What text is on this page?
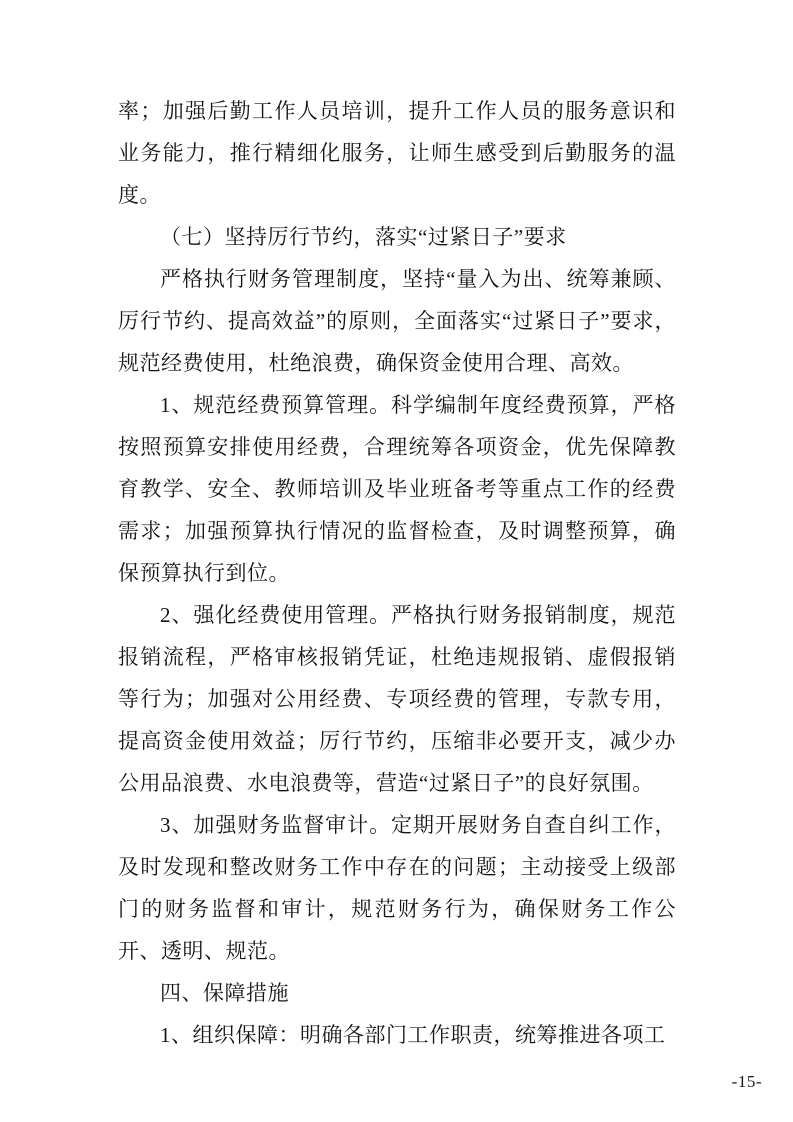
率；加强后勤工作人员培训，提升工作人员的服务意识和业务能力，推行精细化服务，让师生感受到后勤服务的温度。

（七）坚持厉行节约，落实“过紧日子”要求

严格执行财务管理制度，坚持“量入为出、统筹兼顾、厉行节约、提高效益”的原则，全面落实“过紧日子”要求，规范经费使用，杜绝浪费，确保资金使用合理、高效。

1、规范经费预算管理。科学编制年度经费预算，严格按照预算安排使用经费，合理统筹各项资金，优先保障教育教学、安全、教师培训及毕业班备考等重点工作的经费需求；加强预算执行情况的监督检查，及时调整预算，确保预算执行到位。

2、强化经费使用管理。严格执行财务报销制度，规范报销流程，严格审核报销凭证，杜绝违规报销、虚假报销等行为；加强对公用经费、专项经费的管理，专款专用，提高资金使用效益；厉行节约，压缩非必要开支，减少办公用品浪费、水电浪费等，营造“过紧日子”的良好氛围。

3、加强财务监督审计。定期开展财务自查自纠工作，及时发现和整改财务工作中存在的问题；主动接受上级部门的财务监督和审计，规范财务行为，确保财务工作公开、透明、规范。

四、保障措施

1、组织保障：明确各部门工作职责，统筹推进各项工

-15-
